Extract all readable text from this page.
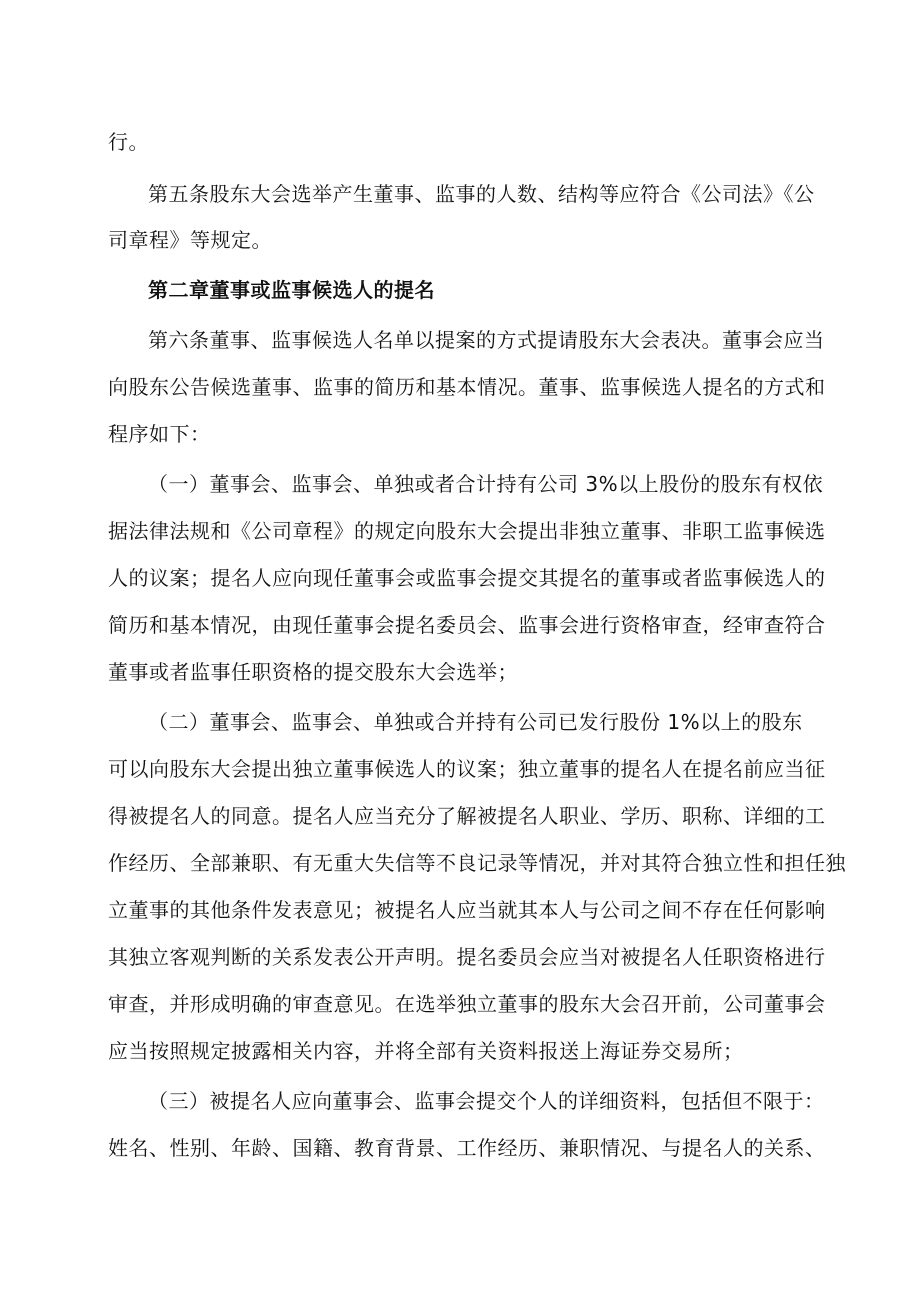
行。
第五条股东大会选举产生董事、监事的人数、结构等应符合《公司法》《公
司章程》等规定。
第二章董事或监事候选人的提名
第六条董事、监事候选人名单以提案的方式提请股东大会表决。董事会应当
向股东公告候选董事、监事的简历和基本情况。董事、监事候选人提名的方式和
程序如下：
（一）董事会、监事会、单独或者合计持有公司 3%以上股份的股东有权依
据法律法规和《公司章程》的规定向股东大会提出非独立董事、非职工监事候选
人的议案；提名人应向现任董事会或监事会提交其提名的董事或者监事候选人的
简历和基本情况，由现任董事会提名委员会、监事会进行资格审查，经审查符合
董事或者监事任职资格的提交股东大会选举；
（二）董事会、监事会、单独或合并持有公司已发行股份 1%以上的股东
可以向股东大会提出独立董事候选人的议案；独立董事的提名人在提名前应当征
得被提名人的同意。提名人应当充分了解被提名人职业、学历、职称、详细的工
作经历、全部兼职、有无重大失信等不良记录等情况，并对其符合独立性和担任独
立董事的其他条件发表意见；被提名人应当就其本人与公司之间不存在任何影响
其独立客观判断的关系发表公开声明。提名委员会应当对被提名人任职资格进行
审查，并形成明确的审查意见。在选举独立董事的股东大会召开前，公司董事会
应当按照规定披露相关内容，并将全部有关资料报送上海证券交易所；
（三）被提名人应向董事会、监事会提交个人的详细资料，包括但不限于：
姓名、性别、年龄、国籍、教育背景、工作经历、兼职情况、与提名人的关系、
